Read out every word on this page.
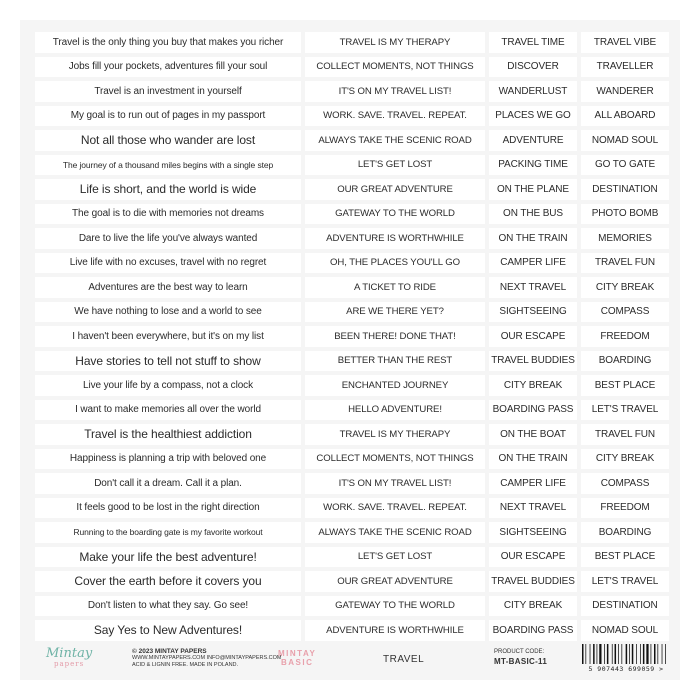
Travel is the only thing you buy that makes you richer	TRAVEL IS MY THERAPY	TRAVEL TIME	TRAVEL VIBE
Jobs fill your pockets, adventures fill your soul	COLLECT MOMENTS, NOT THINGS	DISCOVER	TRAVELLER
Travel is an investment in yourself	IT'S ON MY TRAVEL LIST!	WANDERLUST	WANDERER
My goal is to run out of pages in my passport	WORK. SAVE. TRAVEL. REPEAT.	PLACES WE GO	ALL ABOARD
Not all those who wander are lost	ALWAYS TAKE THE SCENIC ROAD	ADVENTURE	NOMAD SOUL
The journey of a thousand miles begins with a single step	LET'S GET LOST	PACKING TIME	GO TO GATE
Life is short, and the world is wide	OUR GREAT ADVENTURE	ON THE PLANE	DESTINATION
The goal is to die with memories not dreams	GATEWAY TO THE WORLD	ON THE BUS	PHOTO BOMB
Dare to live the life you've always wanted	ADVENTURE IS WORTHWHILE	ON THE TRAIN	MEMORIES
Live life with no excuses, travel with no regret	OH, THE PLACES YOU'LL GO	CAMPER LIFE	TRAVEL FUN
Adventures are the best way to learn	A TICKET TO RIDE	NEXT TRAVEL	CITY BREAK
We have nothing to lose and a world to see	ARE WE THERE YET?	SIGHTSEEING	COMPASS
I haven't been everywhere, but it's on my list	BEEN THERE! DONE THAT!	OUR ESCAPE	FREEDOM
Have stories to tell not stuff to show	BETTER THAN THE REST	TRAVEL BUDDIES	BOARDING
Live your life by a compass, not a clock	ENCHANTED JOURNEY	CITY BREAK	BEST PLACE
I want to make memories all over the world	HELLO ADVENTURE!	BOARDING PASS	LET'S TRAVEL
Travel is the healthiest addiction	TRAVEL IS MY THERAPY	ON THE BOAT	TRAVEL FUN
Happiness is planning a trip with beloved one	COLLECT MOMENTS, NOT THINGS	ON THE TRAIN	CITY BREAK
Don't call it a dream. Call it a plan.	IT'S ON MY TRAVEL LIST!	CAMPER LIFE	COMPASS
It feels good to be lost in the right direction	WORK. SAVE. TRAVEL. REPEAT.	NEXT TRAVEL	FREEDOM
Running to the boarding gate is my favorite workout	ALWAYS TAKE THE SCENIC ROAD	SIGHTSEEING	BOARDING
Make your life the best adventure!	LET'S GET LOST	OUR ESCAPE	BEST PLACE
Cover the earth before it covers you	OUR GREAT ADVENTURE	TRAVEL BUDDIES	LET'S TRAVEL
Don't listen to what they say. Go see!	GATEWAY TO THE WORLD	CITY BREAK	DESTINATION
Say Yes to New Adventures!	ADVENTURE IS WORTHWHILE	BOARDING PASS	NOMAD SOUL
Mintay
papers
© 2023 MINTAY PAPERS
WWW.MINTAYPAPERS.COM INFO@MINTAYPAPERS.COM
ACID & LIGNIN FREE. MADE IN POLAND.
MINTAY
BASIC	TRAVEL
PRODUCT CODE:
MT-BASIC-11
5 907443 699059 >
